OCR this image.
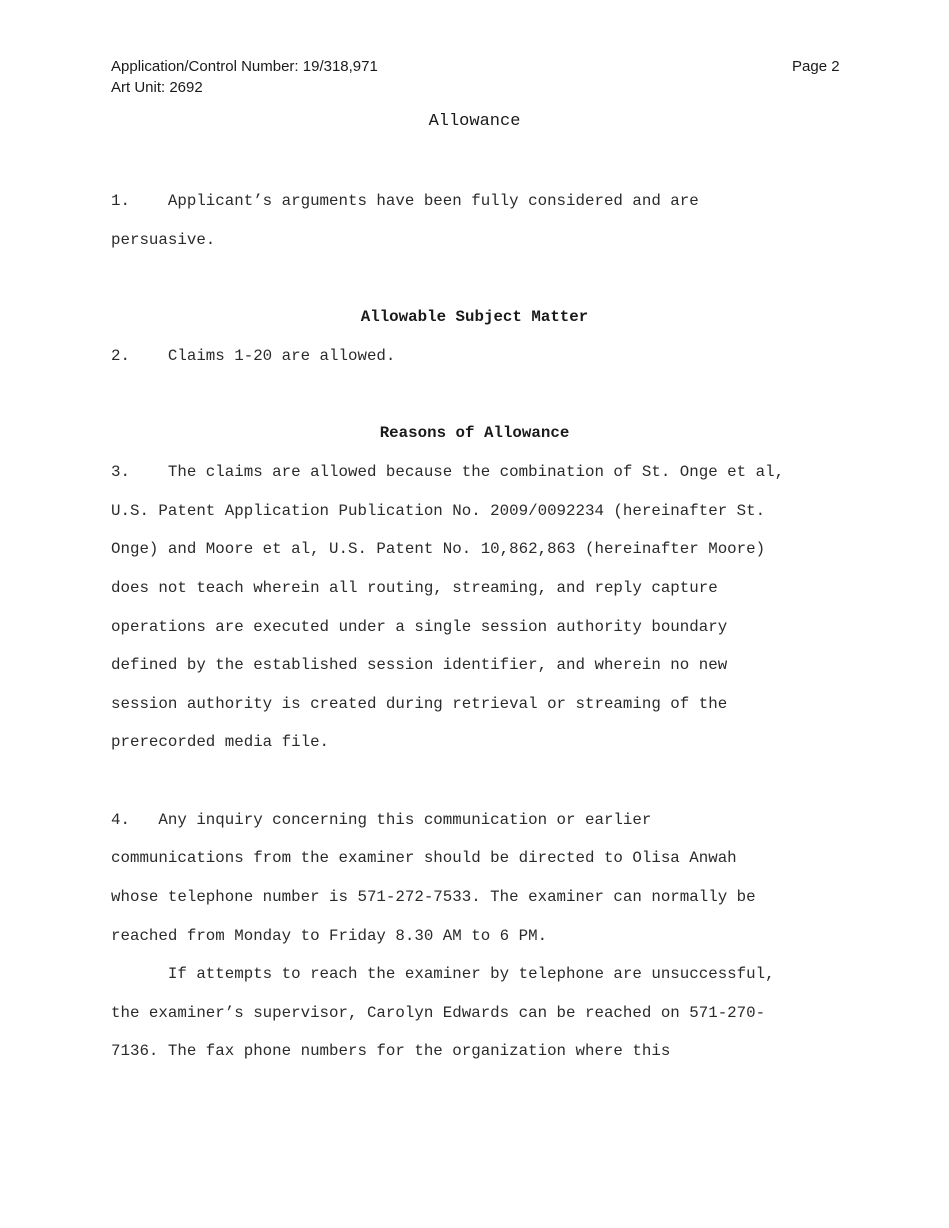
Application/Control Number: 19/318,971
Art Unit: 2692
Page 2
Allowance
1.    Applicant’s arguments have been fully considered and are
persuasive.
Allowable Subject Matter
2.    Claims 1-20 are allowed.
Reasons of Allowance
3.    The claims are allowed because the combination of St. Onge et al,
U.S. Patent Application Publication No. 2009/0092234 (hereinafter St.
Onge) and Moore et al, U.S. Patent No. 10,862,863 (hereinafter Moore)
does not teach wherein all routing, streaming, and reply capture
operations are executed under a single session authority boundary
defined by the established session identifier, and wherein no new
session authority is created during retrieval or streaming of the
prerecorded media file.
4.   Any inquiry concerning this communication or earlier
communications from the examiner should be directed to Olisa Anwah
whose telephone number is 571-272-7533. The examiner can normally be
reached from Monday to Friday 8.30 AM to 6 PM.
If attempts to reach the examiner by telephone are unsuccessful,
the examiner’s supervisor, Carolyn Edwards can be reached on 571-270-
7136. The fax phone numbers for the organization where this
